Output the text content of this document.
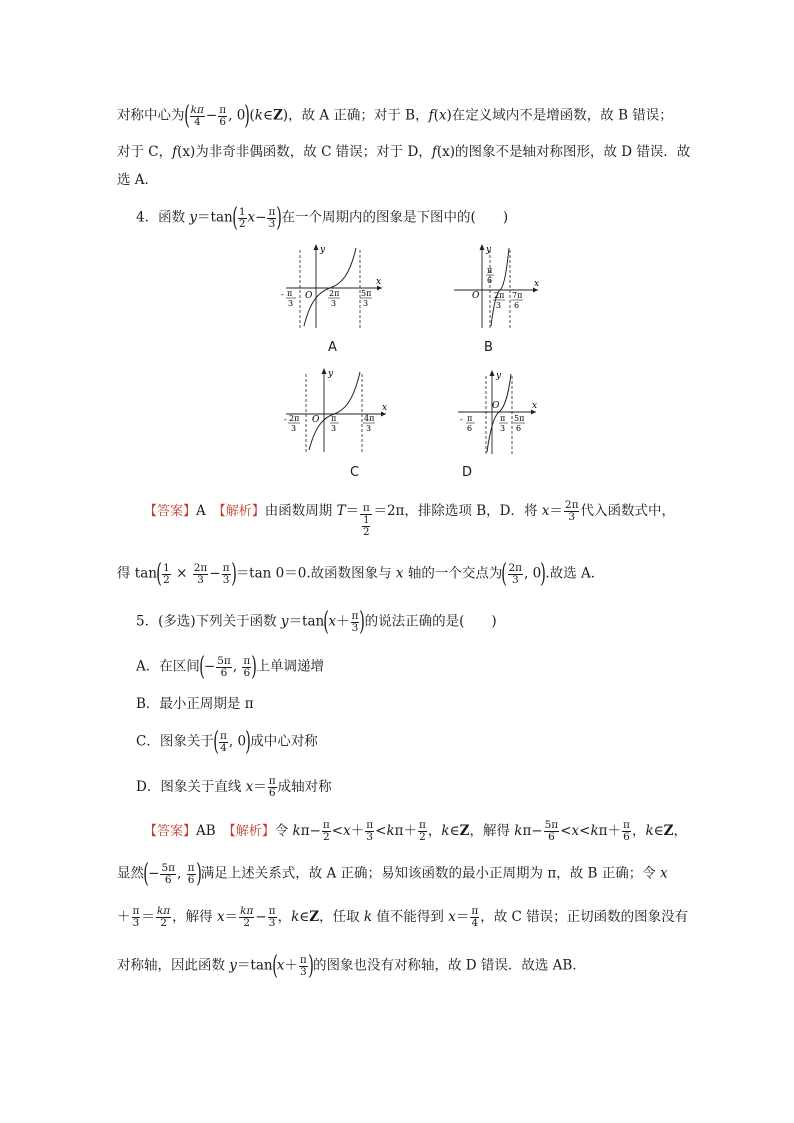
对称中心为( $\frac{k\pi}{4} - \frac{\pi}{6}$ , 0)(k∈Z)，故 A 正确；对于 B，f(x)在定义域内不是增函数，故 B 错误；
对于 C，f(x)为非奇非偶函数，故 C 错误；对于 D，f(x)的图象不是轴对称图形，故 D 错误．故
选 A．
4．函数 $y=\tan( \frac{1}{2} x- \frac{\pi}{3}$ )在一个周期内的图象是下图中的(　　)
y
x
O
- π
3
2π
3
5π
3
A
y
x
O
π
6
2π
3
7π
6
B
y
x
O
- 2π
3
π
3
4π
3
C
y
x
O
- π
6
π
3
5π
6
D
【答案】A　 【解析】由函数周期 $T= \frac{\pi}{\frac{1}{2}} =2\pi$，排除选项 B，D．将 $x= \frac{2\pi}{3}$ 代入函数式中，
得 $\tan( \frac{1}{2} \times \frac{2\pi}{3} - \frac{\pi}{3} )=\tan$ 0＝0.故函数图象与 x 轴的一个交点为( $\frac{2\pi}{3}$ , 0).故选 A．
5．(多选)下列关于函数 $y=\tan(x+ \frac{\pi}{3}$ )的说法正确的是(　　)
A．在区间(− $\frac{5\pi}{6}$ , $\frac{\pi}{6}$ )上单调递增
B．最小正周期是 π
C．图象关于( $\frac{\pi}{4}$ , 0)成中心对称
D．图象关于直线 $x= \frac{\pi}{6}$ 成轴对称
【答案】AB　 【解析】令 $k\pi- \frac{\pi}{2} <x+ \frac{\pi}{3} <k\pi+ \frac{\pi}{2}$ ，k∈Z，解得 $k\pi- \frac{5\pi}{6} <x<k\pi+ \frac{\pi}{6}$ ，k∈Z，
显然(− $\frac{5\pi}{6}$ , $\frac{\pi}{6}$ )满足上述关系式，故 A 正确；易知该函数的最小正周期为 π，故 B 正确；令 x
＋ $\frac{\pi}{3} = \frac{k\pi}{2}$ ，解得 $x= \frac{k\pi}{2} - \frac{\pi}{3}$ ，k∈Z，任取 k 值不能得到 $x= \frac{\pi}{4}$ ，故 C 错误；正切函数的图象没有
对称轴，因此函数 $y=\tan(x+ \frac{\pi}{3}$ )的图象也没有对称轴，故 D 错误．故选 AB．
